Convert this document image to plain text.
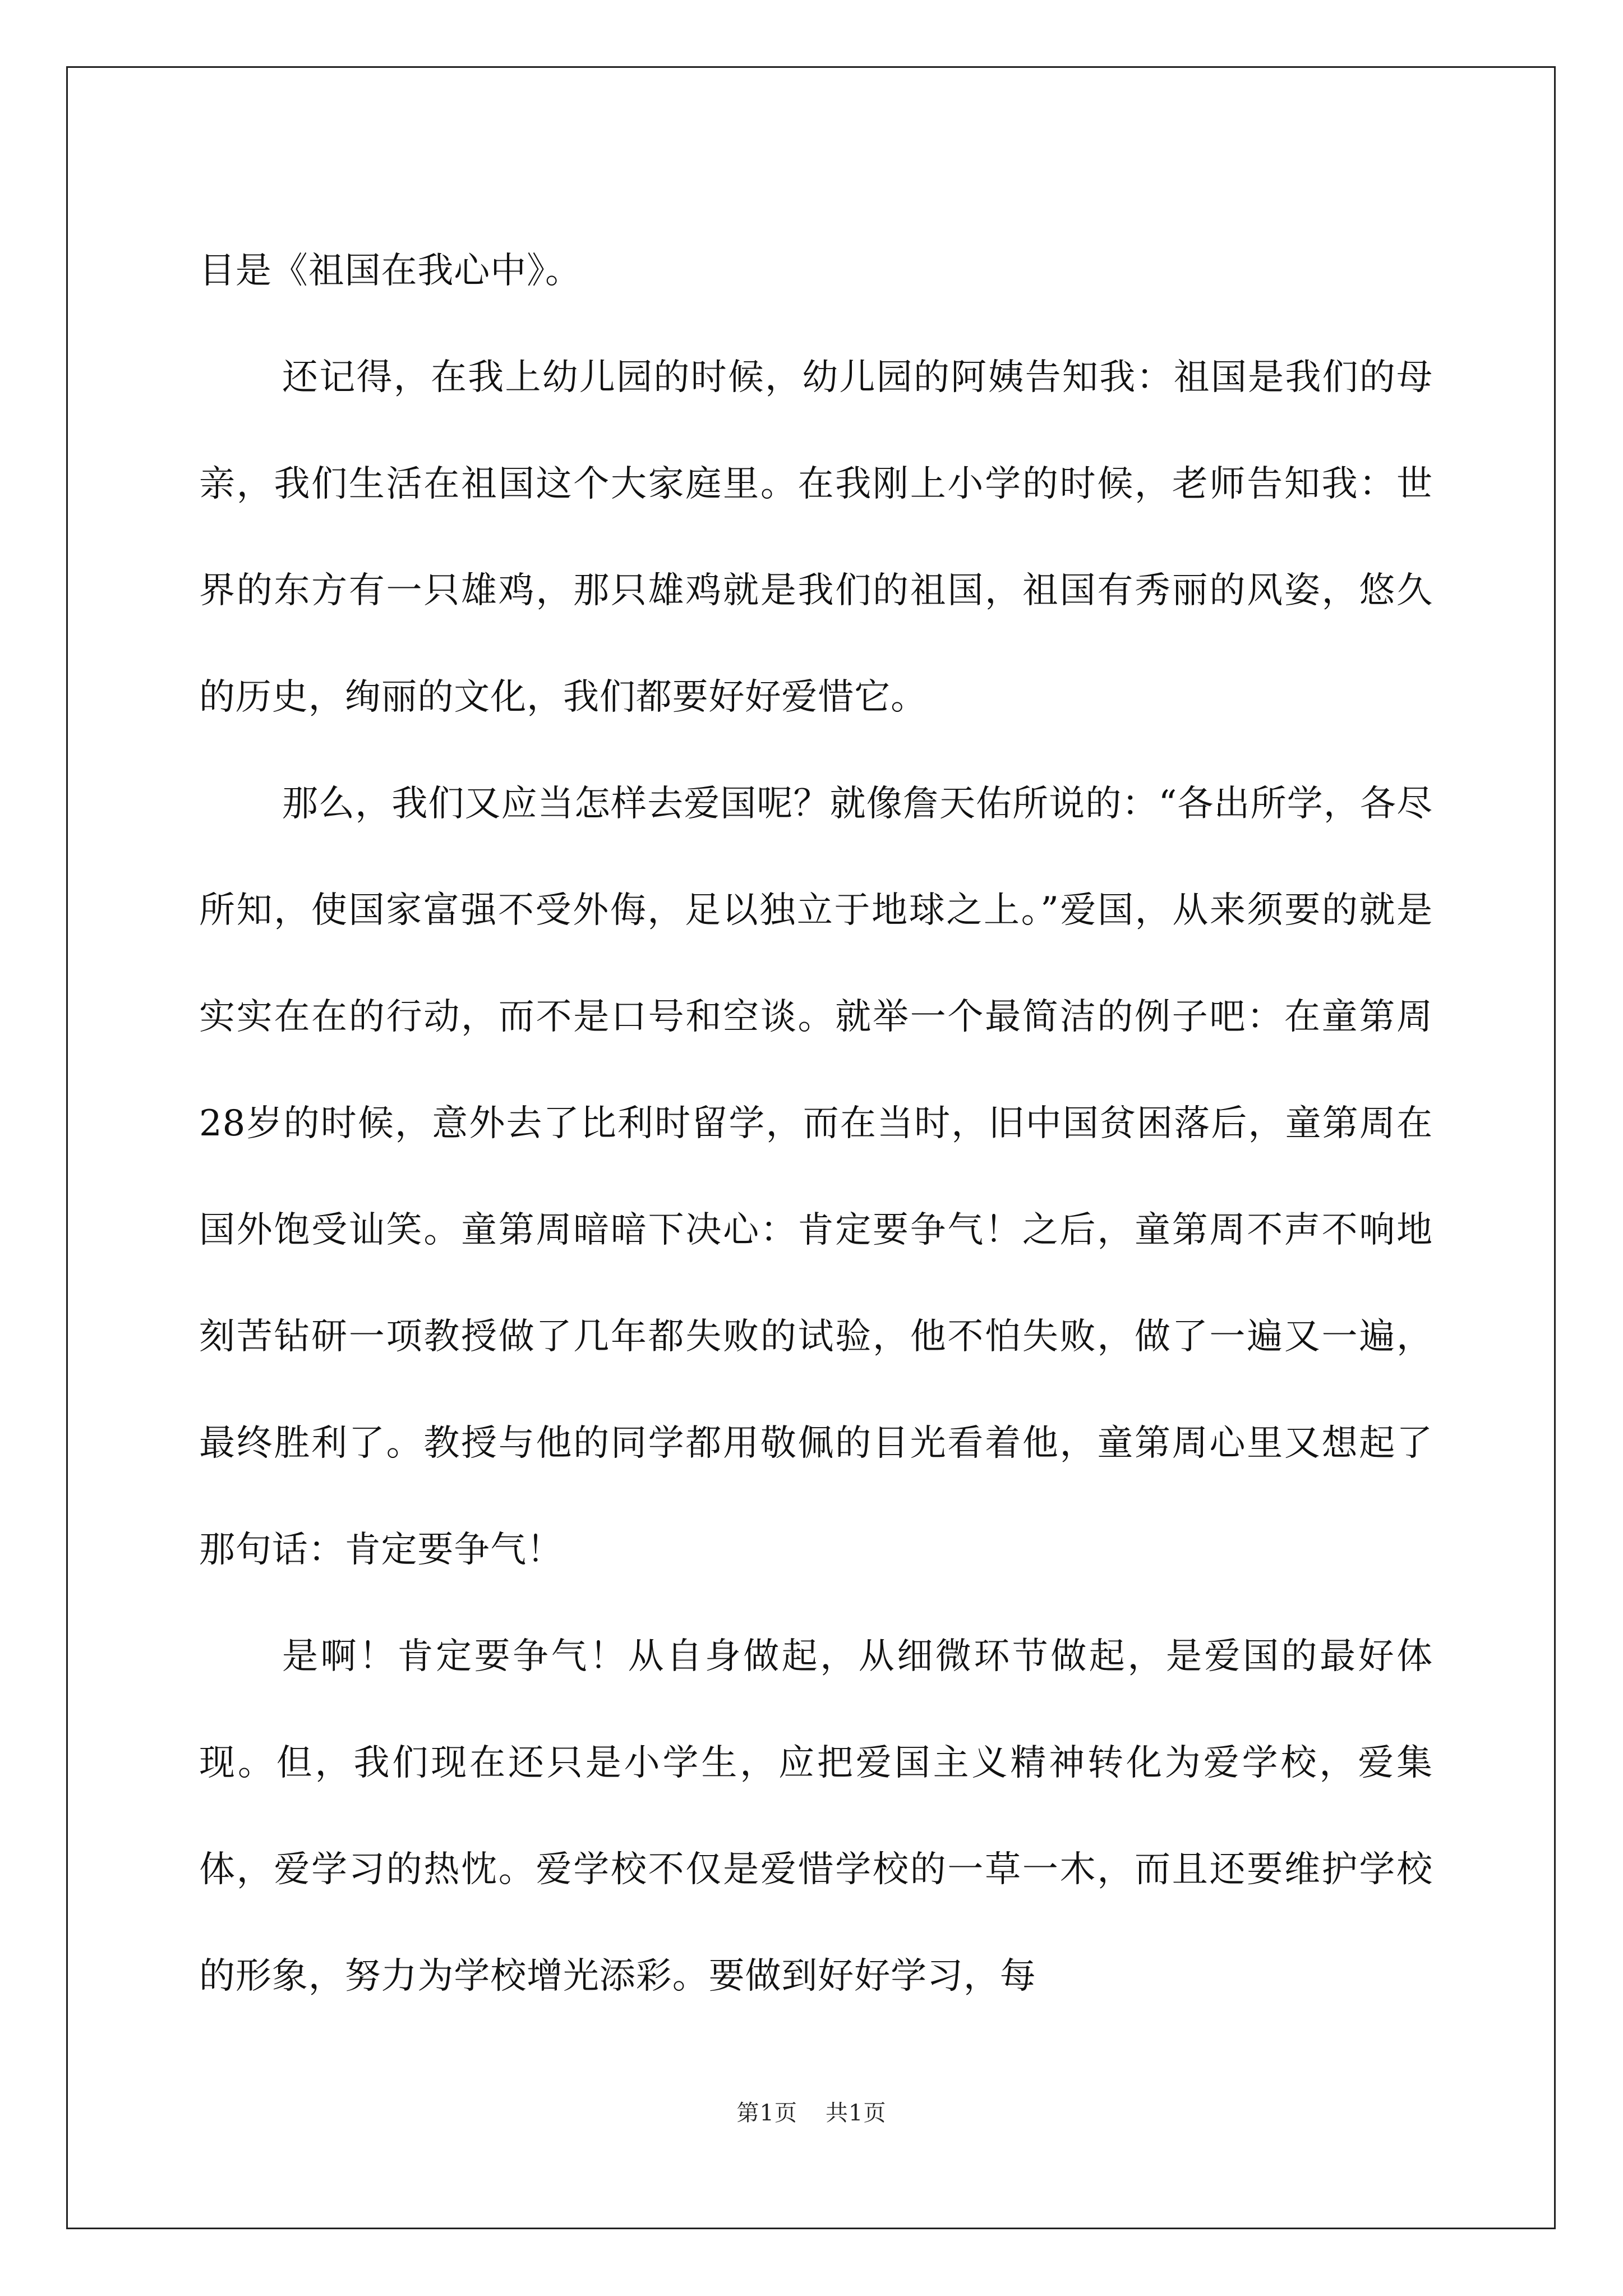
目是《祖国在我心中》。

还记得，在我上幼儿园的时候，幼儿园的阿姨告知我：祖国是我们的母亲，我们生活在祖国这个大家庭里。在我刚上小学的时候，老师告知我：世界的东方有一只雄鸡，那只雄鸡就是我们的祖国，祖国有秀丽的风姿，悠久的历史，绚丽的文化，我们都要好好爱惜它。

那么，我们又应当怎样去爱国呢？就像詹天佑所说的：“各出所学，各尽所知，使国家富强不受外侮，足以独立于地球之上。”爱国，从来须要的就是实实在在的行动，而不是口号和空谈。就举一个最简洁的例子吧：在童第周28岁的时候，意外去了比利时留学，而在当时，旧中国贫困落后，童第周在国外饱受讪笑。童第周暗暗下决心：肯定要争气！之后，童第周不声不响地刻苦钻研一项教授做了几年都失败的试验，他不怕失败，做了一遍又一遍，最终胜利了。教授与他的同学都用敬佩的目光看着他，童第周心里又想起了那句话：肯定要争气！

是啊！肯定要争气！从自身做起，从细微环节做起，是爱国的最好体现。但，我们现在还只是小学生，应把爱国主义精神转化为爱学校，爱集体，爱学习的热忱。爱学校不仅是爱惜学校的一草一木，而且还要维护学校的形象，努力为学校增光添彩。要做到好好学习，每

第1页 共1页
